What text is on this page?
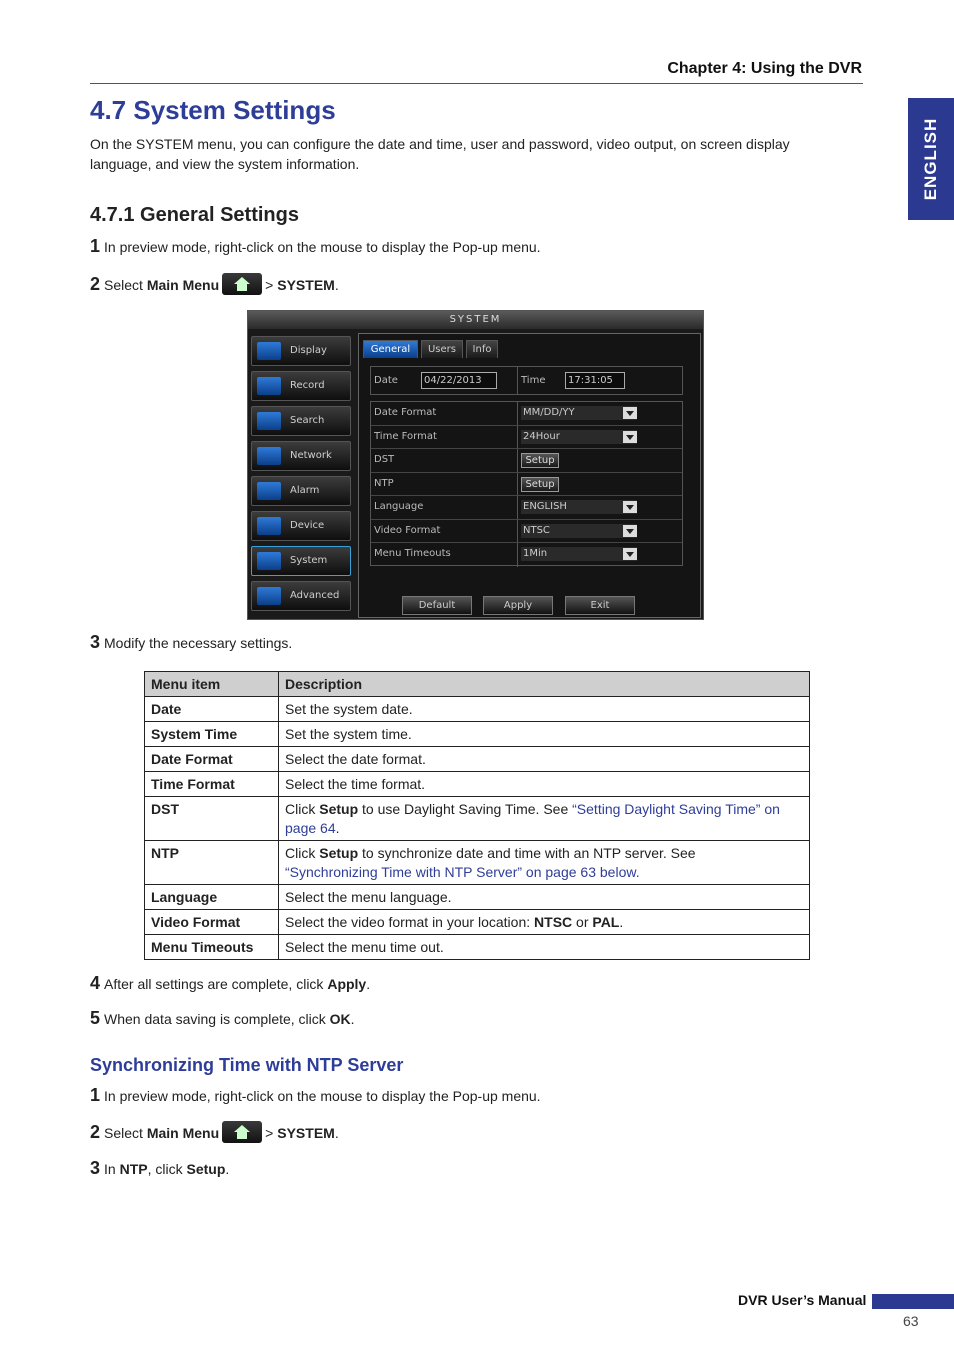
Chapter 4: Using the DVR
ENGLISH
4.7 System Settings
On the SYSTEM menu, you can configure the date and time, user and password, video output, on screen display
language, and view the system information.
4.7.1 General Settings
1 In preview mode, right-click on the mouse to display the Pop-up menu.
2 Select Main Menu	> SYSTEM.
SYSTEM
Display
Record
Search
Network
Alarm
Device
System
Advanced
General	Users	Info
Date	04/22/2013	Time	17:31:05
Date Format	MM/DD/YY
Time Format	24Hour
DST	Setup
NTP	Setup
Language	ENGLISH
Video Format	NTSC
Menu Timeouts	1Min
Default	Apply	Exit
3 Modify the necessary settings.
Menu item	Description
Date	Set the system date.
System Time	Set the system time.
Date Format	Select the date format.
Time Format	Select the time format.
DST	Click Setup to use Daylight Saving Time. See “Setting Daylight Saving Time” on page 64.
NTP	Click Setup to synchronize date and time with an NTP server. See
“Synchronizing Time with NTP Server” on page 63 below.
Language	Select the menu language.
Video Format	Select the video format in your location: NTSC or PAL.
Menu Timeouts	Select the menu time out.
4 After all settings are complete, click Apply.
5 When data saving is complete, click OK.
Synchronizing Time with NTP Server
1 In preview mode, right-click on the mouse to display the Pop-up menu.
2 Select Main Menu	> SYSTEM.
3 In NTP, click Setup.
DVR User’s Manual
63
